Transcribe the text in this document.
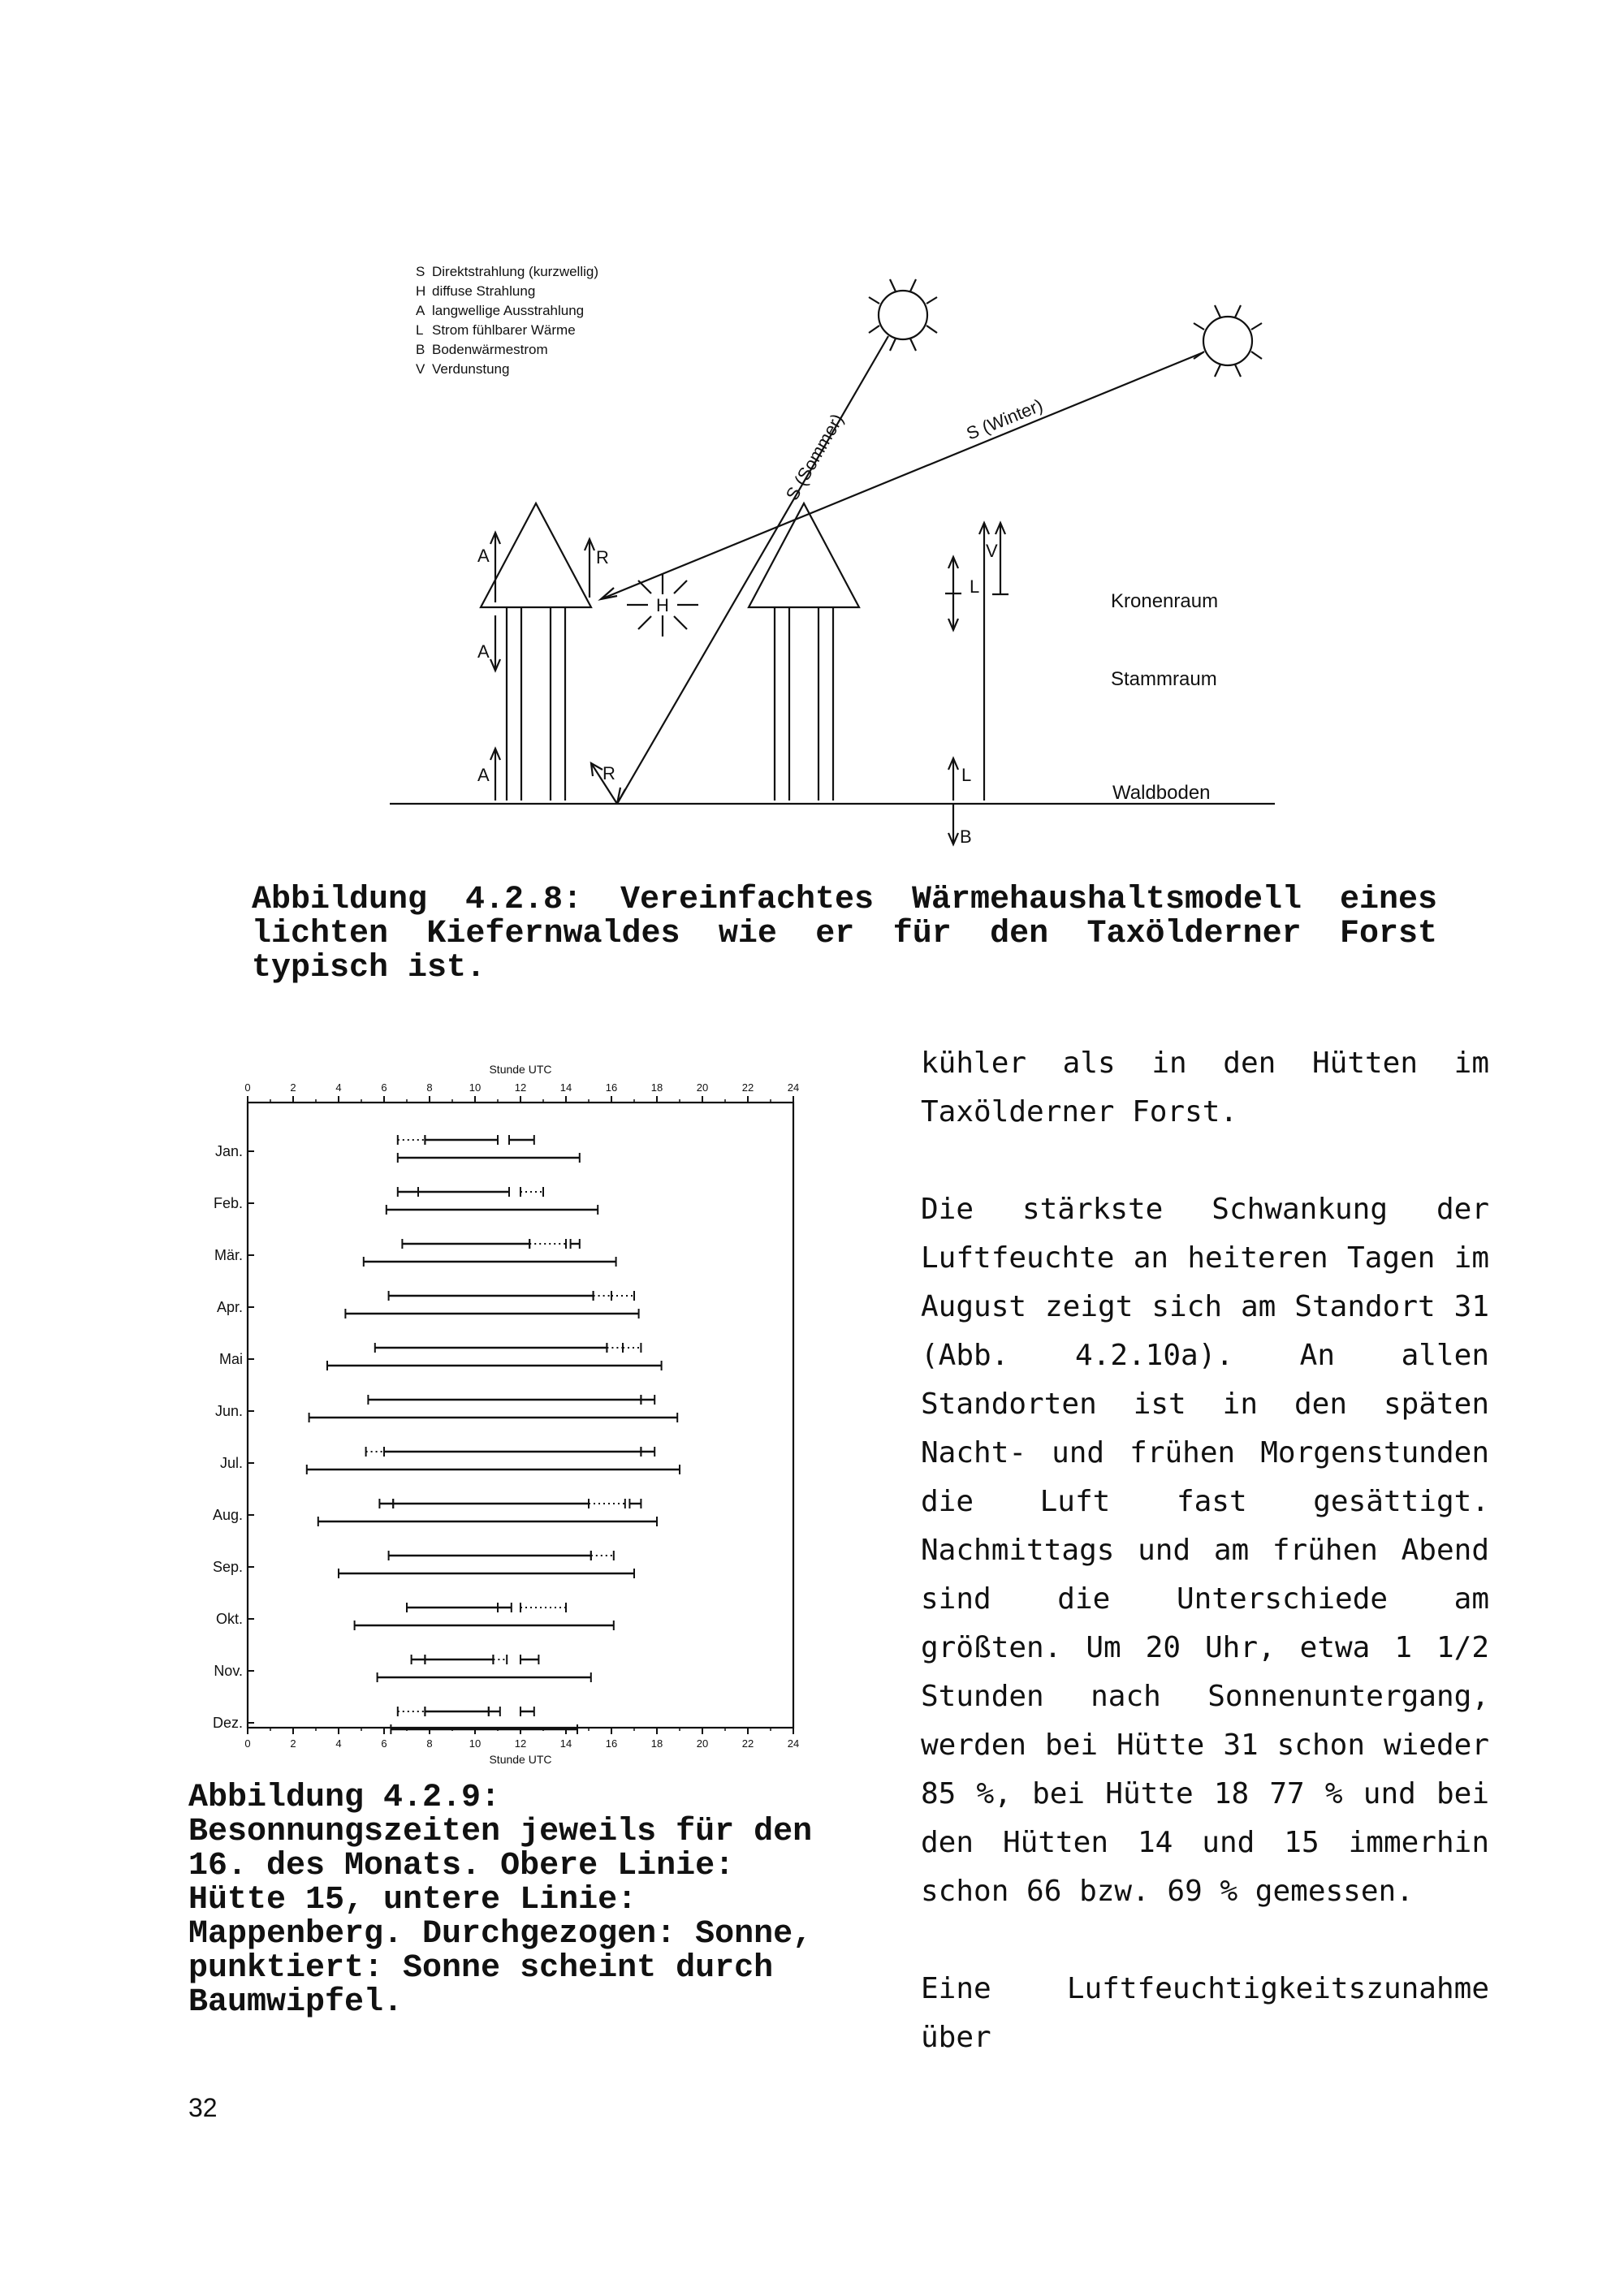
S Direktstrahlung (kurzwellig)
H diffuse Strahlung
A langwellige Ausstrahlung
L Strom fühlbarer Wärme
B Bodenwärmestrom
V Verdunstung
S (Sommer)	S (Winter)
A
A
A
R
R
H
L
L
B
V
Kronenraum
Stammraum
Waldboden

Abbildung 4.2.8: Vereinfachtes Wärmehaushaltsmodell eines lichten Kiefernwaldes wie er für den Taxölderner Forst typisch ist.

0	2	4	6	8	10	12	14	16	18	20	22	24
0	2	4	6	8	10	12	14	16	18	20	22	24
Stunde UTC
Stunde UTC
Jan.
Feb.
Mär.
Apr.
Mai
Jun.
Jul.
Aug.
Sep.
Okt.
Nov.
Dez.

Abbildung 4.2.9: Besonnungszeiten jeweils für den 16. des Monats. Obere Linie: Hütte 15, untere Linie: Mappenberg. Durchgezogen: Sonne, punktiert: Sonne scheint durch Baumwipfel.

kühler als in den Hütten im Taxölderner Forst.

Die stärkste Schwankung der Luftfeuchte an heiteren Tagen im August zeigt sich am Standort 31 (Abb. 4.2.10a). An allen Standorten ist in den späten Nacht- und frühen Morgenstunden die Luft fast gesättigt. Nachmittags und am frühen Abend sind die Unterschiede am größten. Um 20 Uhr, etwa 1 1/2 Stunden nach Sonnenuntergang, werden bei Hütte 31 schon wieder 85 %, bei Hütte 18 77 % und bei den Hütten 14 und 15 immerhin schon 66 bzw. 69 % gemessen.

Eine Luftfeuchtigkeitszunahme über

32
